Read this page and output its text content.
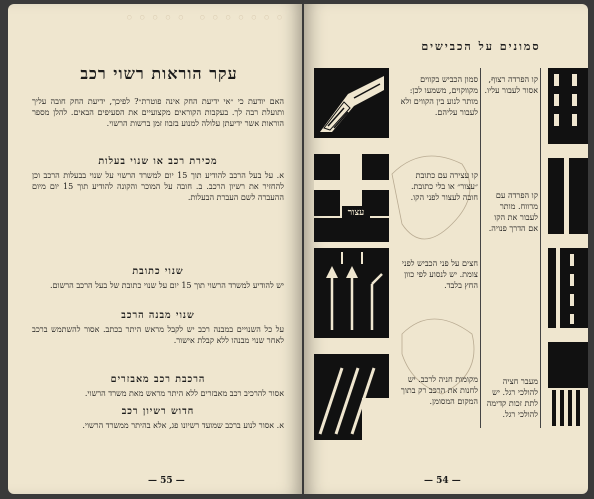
◦◦◦◦◦◦◦ ◦◦◦◦◦
עקר הוראות רשוי רכב
האם יודעת כי ״אי ידיעת החק אינה פוטרת״? לפיכך, ידיעת החק חובה עליך ותועלת רבה לך. בעקבות הקוראים מקצועיים את הסעיפים הבאים. להלן מספר הוראות אשר ידיעתן עלולה למנוע בזבוז זמן ברשות הרשוי.
מכירת רכב או שנוי בעלות
א. על בעל הרכב להודיע תוך 15 יום למשרד הרשוי על שנוי בבעלות הרכב וכן להחזיר את רשיון הרכב. ב. חובה על המוכר והקונה להודיע תוך 15 יום מיום ההעברה לשם העברת הבעלות.
שנוי כתובת
יש להודיע למשרד הרשוי תוך 15 יום על שנוי כתובת של בעל הרכב הרשום.
שנוי מבנה הרכב
על כל השנויים במבנה רכב יש לקבל מראש היתר בכתב. אסור להשתמש ברכב לאחר שנוי מבנהו ללא קבלת אישור.
הרכבת רכב מאבזרים
אסור להרכיב רכב מאבזרים ללא היתר מראש מאת משרד הרשוי.
חדוש רשיון רכב
א. אסור לנוע ברכב שמועד רשיונו פג, אלא בהיתר ממשרד הרשוי.
— 55 —
סמונים על הכבישים
עצור
סמון הכביש בקווים מקווקוים, משמעו לכן: מותר לנוע בין הקווים ולא לעבור עליהם.
קו עצירה עם כתובת ״עצור״ או בלי כתובת. חובה לעצור לפני הקו.
חצים על פני הכביש לפני צומת. יש לנסוע לפי כוון החץ בלבד.
מקומות חניה לרכב. יש לחנות את הרכב רק בתוך המקום המסומן.
קו הפרדה רצוף, אסור לעבור עליו.
קו הפרדה עם מרווח. מותר לעבור את הקו אם הדרך פנויה.
מעבר חציה להולכי רגל. יש לתת זכות קדימה להולכי רגל.
— 54 —
